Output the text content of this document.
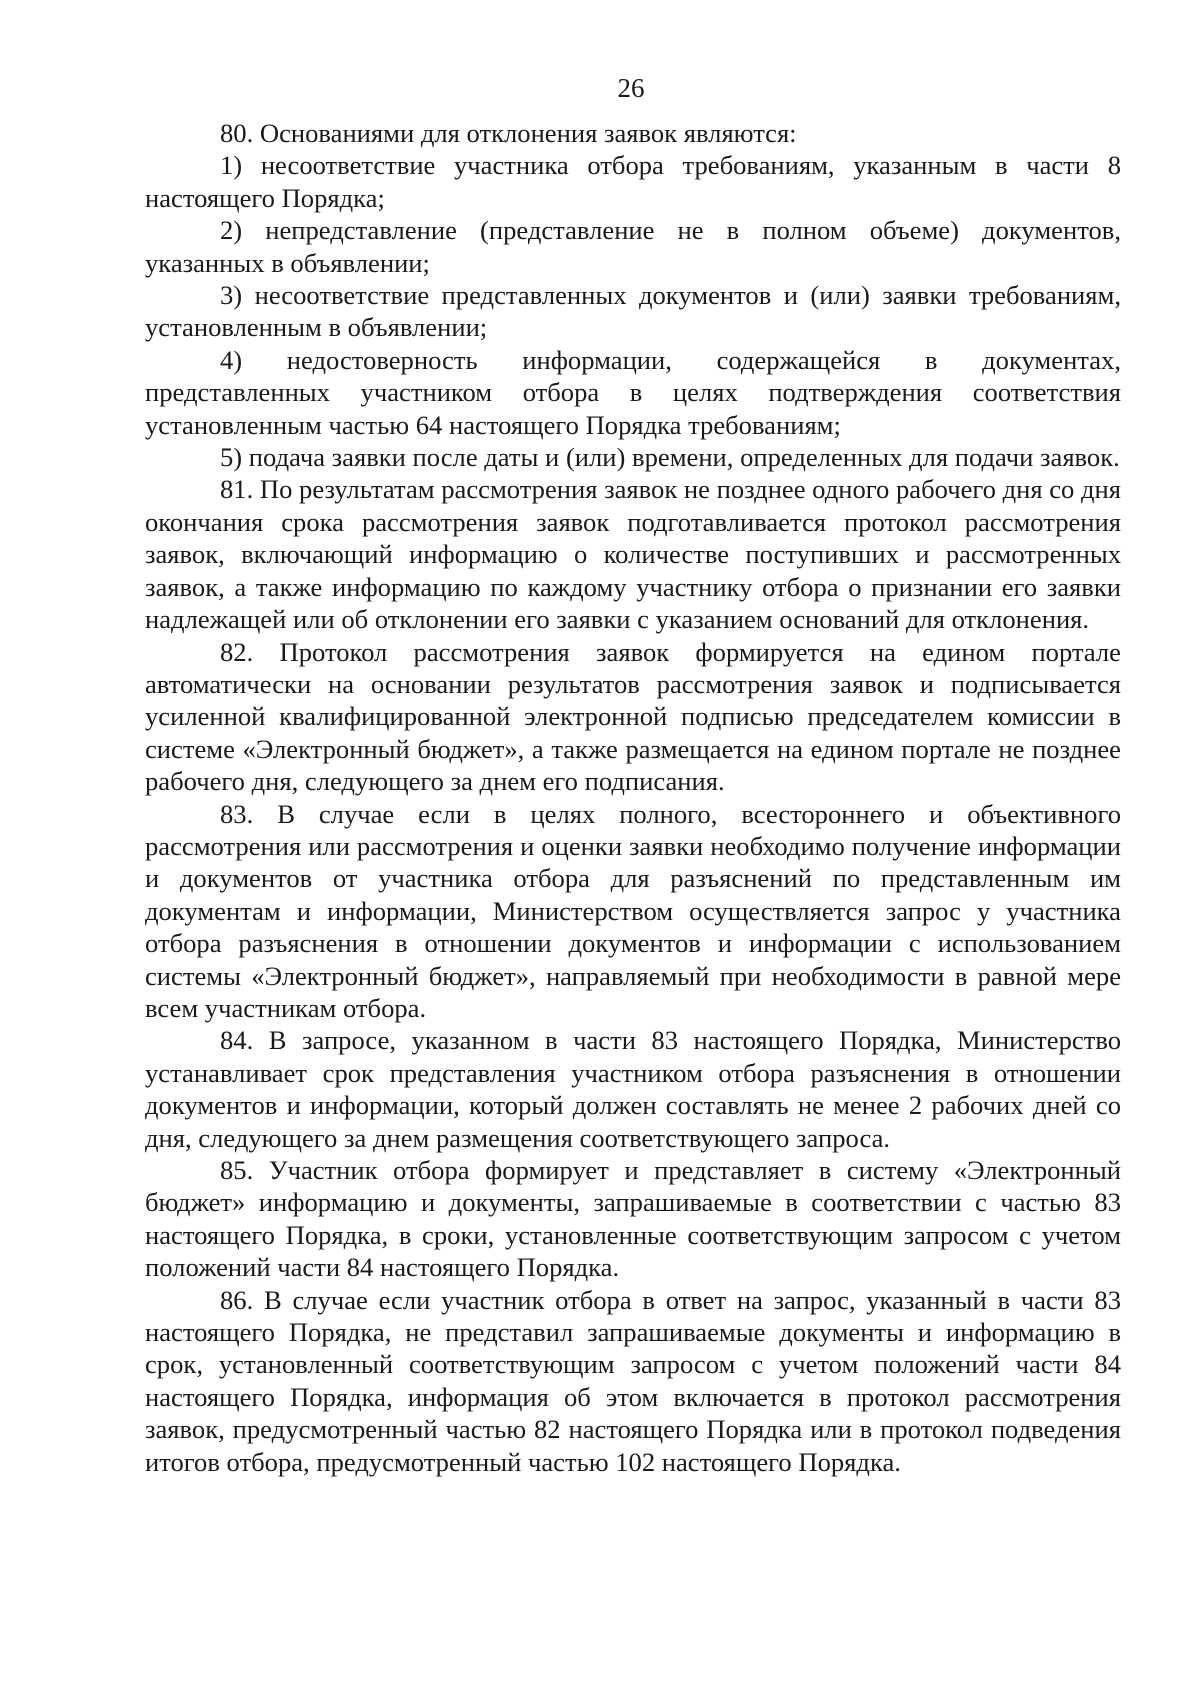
26

80. Основаниями для отклонения заявок являются:

1) несоответствие участника отбора требованиям, указанным в части 8 настоящего Порядка;

2) непредставление (представление не в полном объеме) документов, указанных в объявлении;

3) несоответствие представленных документов и (или) заявки требованиям, установленным в объявлении;

4) недостоверность информации, содержащейся в документах, представленных участником отбора в целях подтверждения соответствия установленным частью 64 настоящего Порядка требованиям;

5) подача заявки после даты и (или) времени, определенных для подачи заявок.

81. По результатам рассмотрения заявок не позднее одного рабочего дня со дня окончания срока рассмотрения заявок подготавливается протокол рассмотрения заявок, включающий информацию о количестве поступивших и рассмотренных заявок, а также информацию по каждому участнику отбора о признании его заявки надлежащей или об отклонении его заявки с указанием оснований для отклонения.

82. Протокол рассмотрения заявок формируется на едином портале автоматически на основании результатов рассмотрения заявок и подписывается усиленной квалифицированной электронной подписью председателем комиссии в системе «Электронный бюджет», а также размещается на едином портале не позднее рабочего дня, следующего за днем его подписания.

83. В случае если в целях полного, всестороннего и объективного рассмотрения или рассмотрения и оценки заявки необходимо получение информации и документов от участника отбора для разъяснений по представленным им документам и информации, Министерством осуществляется запрос у участника отбора разъяснения в отношении документов и информации с использованием системы «Электронный бюджет», направляемый при необходимости в равной мере всем участникам отбора.

84. В запросе, указанном в части 83 настоящего Порядка, Министерство устанавливает срок представления участником отбора разъяснения в отношении документов и информации, который должен составлять не менее 2 рабочих дней со дня, следующего за днем размещения соответствующего запроса.

85. Участник отбора формирует и представляет в систему «Электронный бюджет» информацию и документы, запрашиваемые в соответствии с частью 83 настоящего Порядка, в сроки, установленные соответствующим запросом с учетом положений части 84 настоящего Порядка.

86. В случае если участник отбора в ответ на запрос, указанный в части 83 настоящего Порядка, не представил запрашиваемые документы и информацию в срок, установленный соответствующим запросом с учетом положений части 84 настоящего Порядка, информация об этом включается в протокол рассмотрения заявок, предусмотренный частью 82 настоящего Порядка или в протокол подведения итогов отбора, предусмотренный частью 102 настоящего Порядка.
